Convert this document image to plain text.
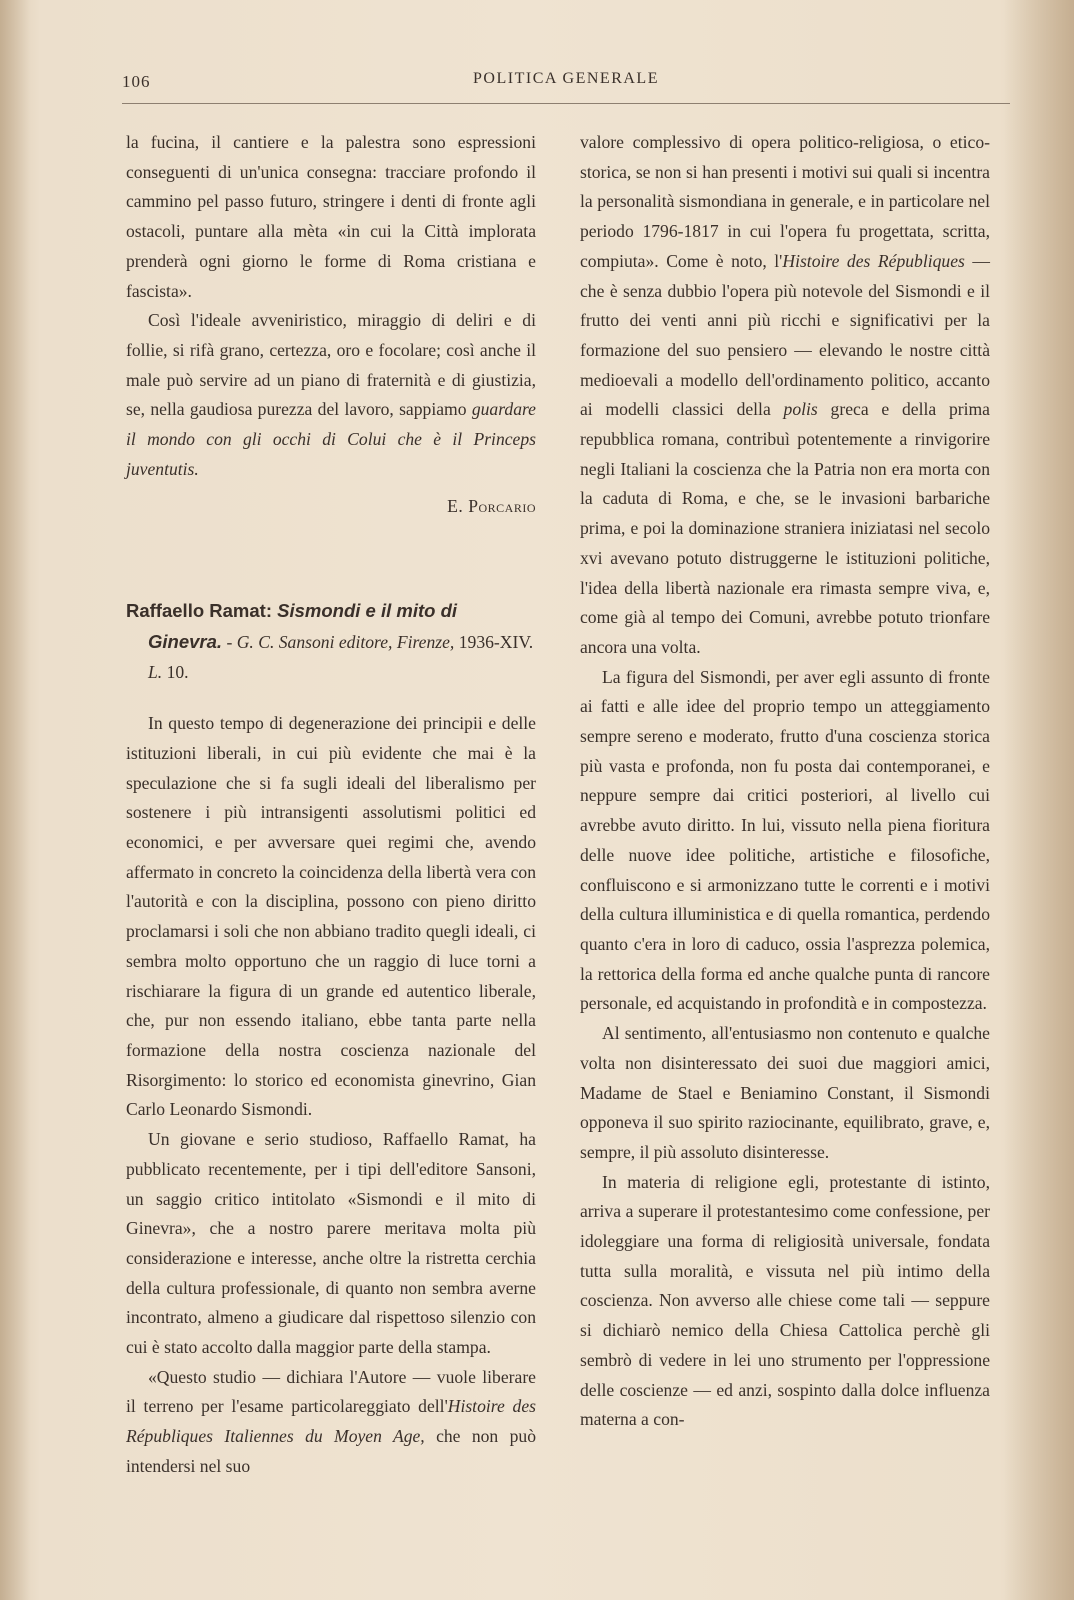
106	POLITICA GENERALE

la fucina, il cantiere e la palestra sono espressioni conseguenti di un'unica consegna: tracciare profondo il cammino pel passo futuro, stringere i denti di fronte agli ostacoli, puntare alla mèta «in cui la Città implorata prenderà ogni giorno le forme di Roma cristiana e fascista».

Così l'ideale avveniristico, miraggio di deliri e di follie, si rifà grano, certezza, oro e focolare; così anche il male può servire ad un piano di fraternità e di giustizia, se, nella gaudiosa purezza del lavoro, sappiamo guardare il mondo con gli occhi di Colui che è il Princeps juventutis.

E. Porcario

Raffaello Ramat: Sismondi e il mito di Ginevra. - G. C. Sansoni editore, Firenze, 1936-XIV. L. 10.

In questo tempo di degenerazione dei principii e delle istituzioni liberali, in cui più evidente che mai è la speculazione che si fa sugli ideali del liberalismo per sostenere i più intransigenti assolutismi politici ed economici, e per avversare quei regimi che, avendo affermato in concreto la coincidenza della libertà vera con l'autorità e con la disciplina, possono con pieno diritto proclamarsi i soli che non abbiano tradito quegli ideali, ci sembra molto opportuno che un raggio di luce torni a rischiarare la figura di un grande ed autentico liberale, che, pur non essendo italiano, ebbe tanta parte nella formazione della nostra coscienza nazionale del Risorgimento: lo storico ed economista ginevrino, Gian Carlo Leonardo Sismondi.

Un giovane e serio studioso, Raffaello Ramat, ha pubblicato recentemente, per i tipi dell'editore Sansoni, un saggio critico intitolato «Sismondi e il mito di Ginevra», che a nostro parere meritava molta più considerazione e interesse, anche oltre la ristretta cerchia della cultura professionale, di quanto non sembra averne incontrato, almeno a giudicare dal rispettoso silenzio con cui è stato accolto dalla maggior parte della stampa.

«Questo studio — dichiara l'Autore — vuole liberare il terreno per l'esame particolareggiato dell'Histoire des Républiques Italiennes du Moyen Age, che non può intendersi nel suo

valore complessivo di opera politico-religiosa, o etico-storica, se non si han presenti i motivi sui quali si incentra la personalità sismondiana in generale, e in particolare nel periodo 1796-1817 in cui l'opera fu progettata, scritta, compiuta». Come è noto, l'Histoire des Républiques — che è senza dubbio l'opera più notevole del Sismondi e il frutto dei venti anni più ricchi e significativi per la formazione del suo pensiero — elevando le nostre città medioevali a modello dell'ordinamento politico, accanto ai modelli classici della polis greca e della prima repubblica romana, contribuì potentemente a rinvigorire negli Italiani la coscienza che la Patria non era morta con la caduta di Roma, e che, se le invasioni barbariche prima, e poi la dominazione straniera iniziatasi nel secolo xvi avevano potuto distruggerne le istituzioni politiche, l'idea della libertà nazionale era rimasta sempre viva, e, come già al tempo dei Comuni, avrebbe potuto trionfare ancora una volta.

La figura del Sismondi, per aver egli assunto di fronte ai fatti e alle idee del proprio tempo un atteggiamento sempre sereno e moderato, frutto d'una coscienza storica più vasta e profonda, non fu posta dai contemporanei, e neppure sempre dai critici posteriori, al livello cui avrebbe avuto diritto. In lui, vissuto nella piena fioritura delle nuove idee politiche, artistiche e filosofiche, confluiscono e si armonizzano tutte le correnti e i motivi della cultura illuministica e di quella romantica, perdendo quanto c'era in loro di caduco, ossia l'asprezza polemica, la rettorica della forma ed anche qualche punta di rancore personale, ed acquistando in profondità e in compostezza.

Al sentimento, all'entusiasmo non contenuto e qualche volta non disinteressato dei suoi due maggiori amici, Madame de Stael e Beniamino Constant, il Sismondi opponeva il suo spirito raziocinante, equilibrato, grave, e, sempre, il più assoluto disinteresse.

In materia di religione egli, protestante di istinto, arriva a superare il protestantesimo come confessione, per idoleggiare una forma di religiosità universale, fondata tutta sulla moralità, e vissuta nel più intimo della coscienza. Non avverso alle chiese come tali — seppure si dichiarò nemico della Chiesa Cattolica perchè gli sembrò di vedere in lei uno strumento per l'oppressione delle coscienze — ed anzi, sospinto dalla dolce influenza materna a con-
